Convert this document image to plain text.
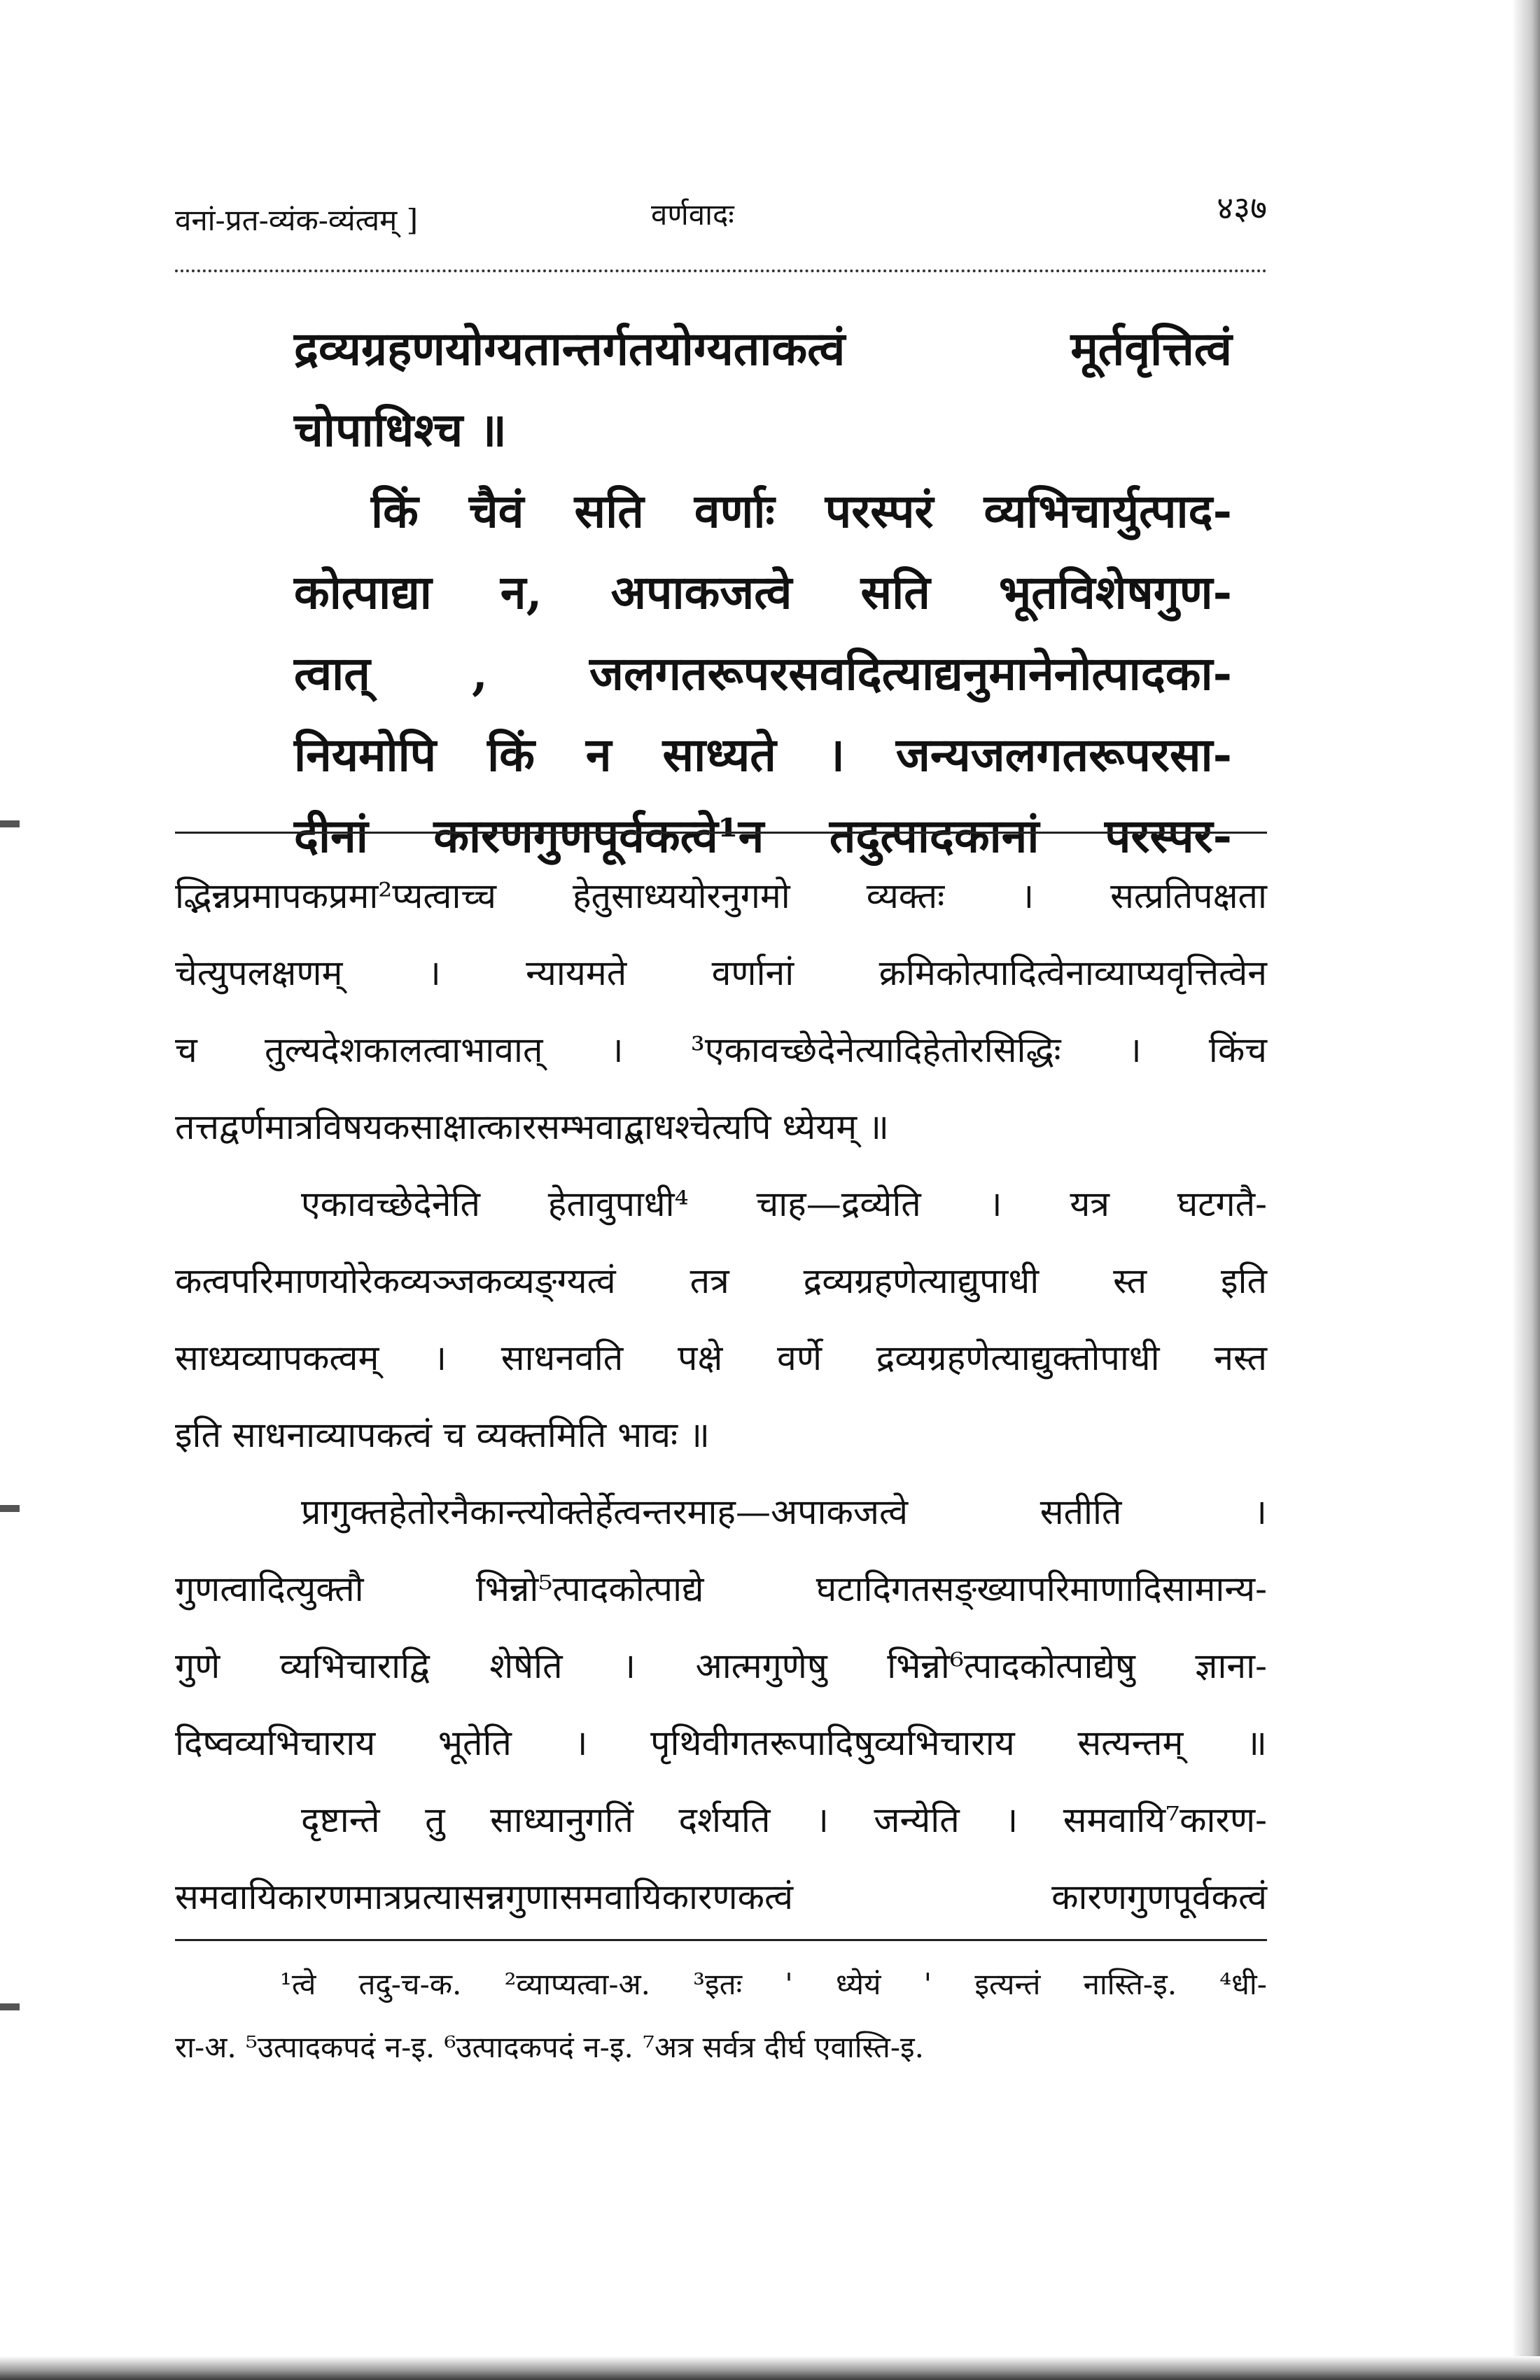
वनां-प्रत-व्यंक-व्यंत्वम् ]	वर्णवादः	४३७

द्रव्यग्रहणयोग्यतान्तर्गतयोग्यताकत्वं मूर्तवृत्तित्वं

चोपाधिश्च ॥

किं चैवं सति वर्णाः परस्परं व्यभिचार्युत्पाद-

कोत्पाद्या न, अपाकजत्वे सति भूतविशेषगुण-

त्वात् , जलगतरूपरसवदित्याद्यनुमानेनोत्पादका-

नियमोपि किं न साध्यते । जन्यजलगतरूपरसा-

दीनां कारणगुणपूर्वकत्वे¹न तदुत्पादकानां परस्पर-

द्भिन्नप्रमापकप्रमा²प्यत्वाच्च हेतुसाध्ययोरनुगमो व्यक्तः । सत्प्रतिपक्षता

चेत्युपलक्षणम् । न्यायमते वर्णानां क्रमिकोत्पादित्वेनाव्याप्यवृत्तित्वेन

च तुल्यदेशकालत्वाभावात् । ³एकावच्छेदेनेत्यादिहेतोरसिद्धिः । किंच

तत्तद्वर्णमात्रविषयकसाक्षात्कारसम्भवाद्बाधश्चेत्यपि ध्येयम् ॥

एकावच्छेदेनेति हेतावुपाधी⁴ चाह—द्रव्येति । यत्र घटगतै-

कत्वपरिमाणयोरेकव्यञ्जकव्यङ्ग्यत्वं तत्र द्रव्यग्रहणेत्याद्युपाधी स्त इति

साध्यव्यापकत्वम् । साधनवति पक्षे वर्णे द्रव्यग्रहणेत्याद्युक्तोपाधी नस्त

इति साधनाव्यापकत्वं च व्यक्तमिति भावः ॥

प्रागुक्तहेतोरनैकान्त्योक्तेर्हेत्वन्तरमाह—अपाकजत्वे सतीति ।

गुणत्वादित्युक्तौ भिन्नो⁵त्पादकोत्पाद्ये घटादिगतसङ्ख्यापरिमाणादिसामान्य-

गुणे व्यभिचाराद्वि शेषेति । आत्मगुणेषु भिन्नो⁶त्पादकोत्पाद्येषु ज्ञाना-

दिष्वव्यभिचाराय भूतेति । पृथिवीगतरूपादिषुव्यभिचाराय सत्यन्तम् ॥

दृष्टान्ते तु साध्यानुगतिं दर्शयति । जन्येति । समवायि⁷कारण-

समवायिकारणमात्रप्रत्यासन्नगुणासमवायिकारणकत्वं कारणगुणपूर्वकत्वं

¹त्वे तदु-च-क. ²व्याप्यत्वा-अ. ³इतः ' ध्येयं ' इत्यन्तं नास्ति-इ. ⁴धी-

रा-अ. ⁵उत्पादकपदं न-इ. ⁶उत्पादकपदं न-इ. ⁷अत्र सर्वत्र दीर्घ एवास्ति-इ.
